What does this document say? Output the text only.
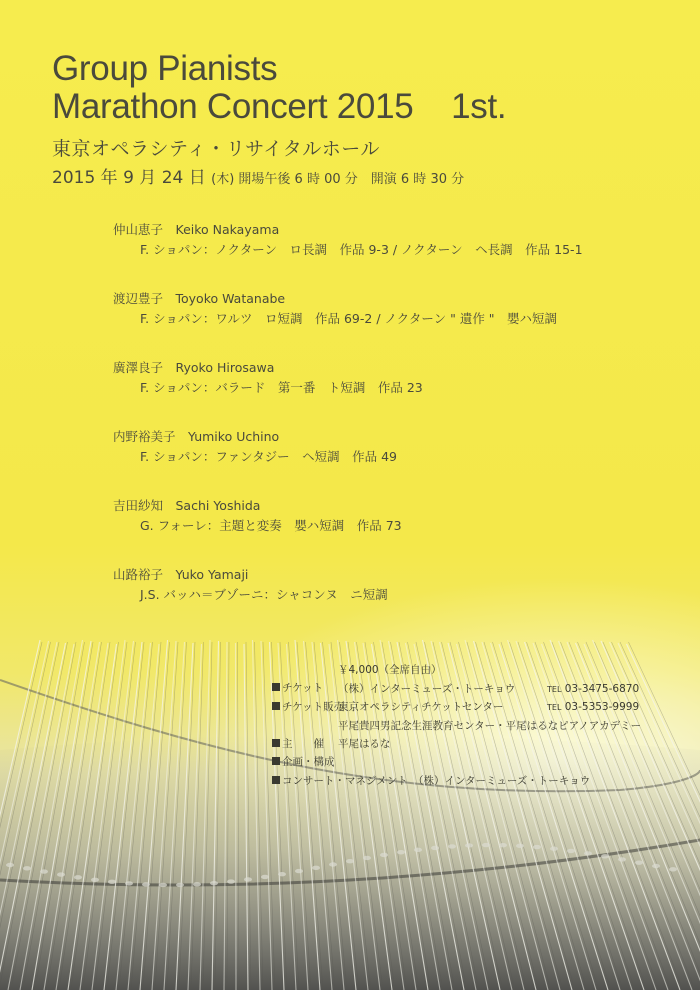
Group Pianists
Marathon Concert 2015    1st.
東京オペラシティ・リサイタルホール
2015 年 9 月 24 日 (木) 開場午後 6 時 00 分　開演 6 時 30 分
仲山恵子　Keiko Nakayama
F. ショパン：ノクターン　ロ長調　作品 9-3 / ノクターン　ヘ長調　作品 15-1
渡辺豊子　Toyoko Watanabe
F. ショパン：ワルツ　ロ短調　作品 69-2 / ノクターン " 遺作 "　嬰ハ短調
廣澤良子　Ryoko Hirosawa
F. ショパン：バラード　第一番　ト短調　作品 23
内野裕美子　Yumiko Uchino
F. ショパン：ファンタジー　ヘ短調　作品 49
吉田紗知　Sachi Yoshida
G. フォーレ：主題と変奏　嬰ハ短調　作品 73
山路裕子　Yuko Yamaji
J.S. バッハ＝ブゾーニ：シャコンヌ　ニ短調

チケット

￥4,000（全席自由）

チケット販売

（株）インターミューズ・トーキョウ

	TEL 03-3475-6870

東京オペラシティチケットセンター

	TEL 03-5353-9999

主　　催

平尾貴四男記念生涯教育センター・平尾はるなピアノアカデミー

企画・構成

平尾はるな

コンサート・マネジメント　（株）インターミューズ・トーキョウ
